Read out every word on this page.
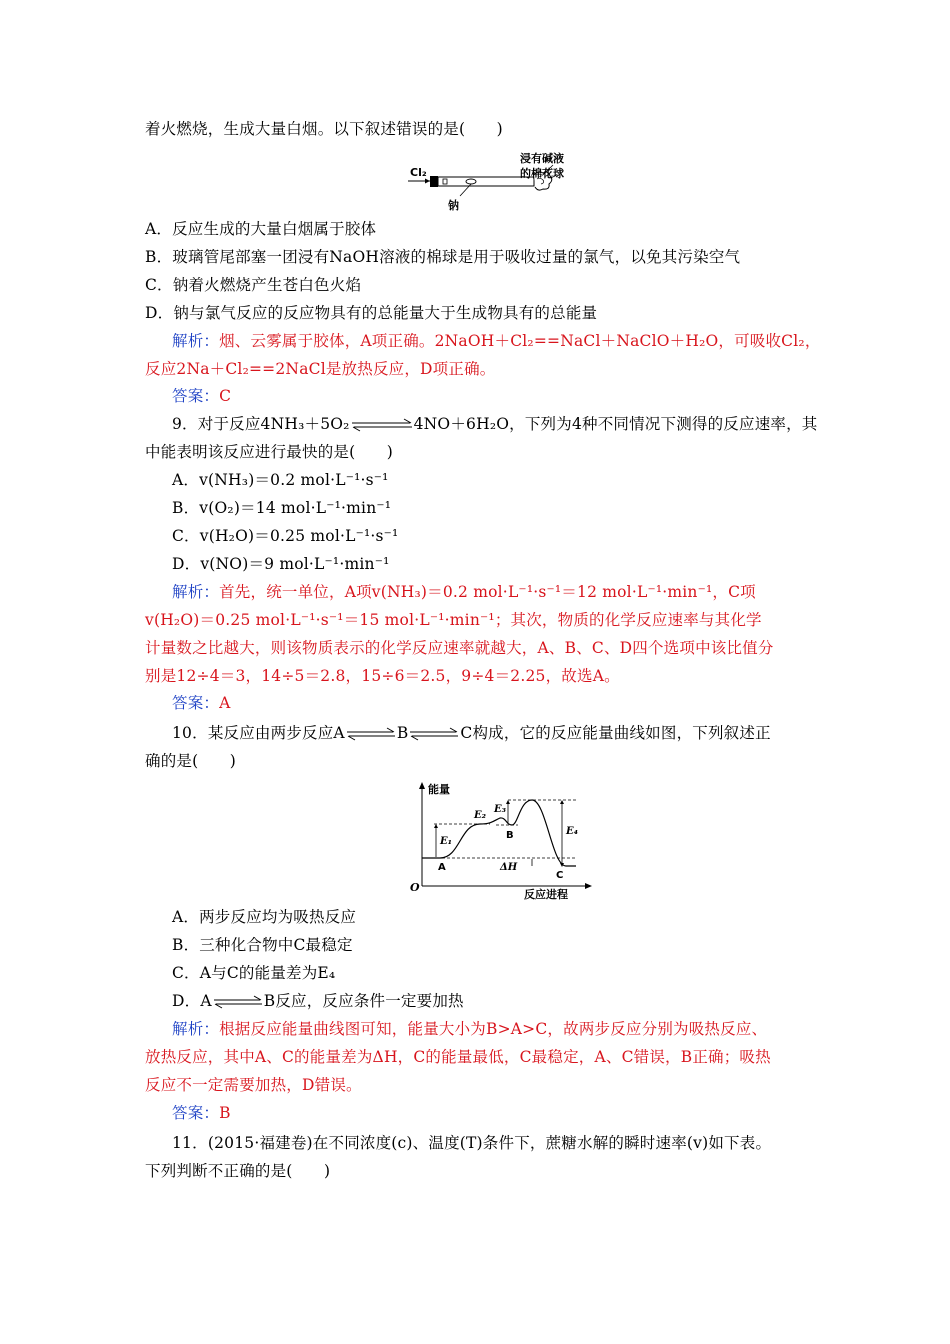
着火燃烧，生成大量白烟。以下叙述错误的是(　　)
Cl₂
浸有碱液
的棉花球
钠
A．反应生成的大量白烟属于胶体
B．玻璃管尾部塞一团浸有NaOH溶液的棉球是用于吸收过量的氯气，以免其污染空气
C．钠着火燃烧产生苍白色火焰
D．钠与氯气反应的反应物具有的总能量大于生成物具有的总能量
解析：烟、云雾属于胶体，A项正确。2NaOH＋Cl₂==NaCl＋NaClO＋H₂O，可吸收Cl₂，
反应2Na＋Cl₂==2NaCl是放热反应，D项正确。
答案：C
9．对于反应4NH₃＋5O₂	4NO＋6H₂O，下列为4种不同情况下测得的反应速率，其
中能表明该反应进行最快的是(　　)
A．v(NH₃)＝0.2 mol·L⁻¹·s⁻¹
B．v(O₂)＝14 mol·L⁻¹·min⁻¹
C．v(H₂O)＝0.25 mol·L⁻¹·s⁻¹
D．v(NO)＝9 mol·L⁻¹·min⁻¹
解析：首先，统一单位，A项v(NH₃)＝0.2 mol·L⁻¹·s⁻¹＝12 mol·L⁻¹·min⁻¹，C项
v(H₂O)＝0.25 mol·L⁻¹·s⁻¹＝15 mol·L⁻¹·min⁻¹；其次，物质的化学反应速率与其化学
计量数之比越大，则该物质表示的化学反应速率就越大，A、B、C、D四个选项中该比值分
别是12÷4＝3，14÷5＝2.8，15÷6＝2.5，9÷4＝2.25，故选A。
答案：A
10．某反应由两步反应A⇌B⇌C构成，它的反应能量曲线如图，下列叙述正
确的是(　　)
能量
O
反应进程
E₁
E₂
E₃
E₄
A
B
C
ΔH
A．两步反应均为吸热反应
B．三种化合物中C最稳定
C．A与C的能量差为E₄
D．A⇌B反应，反应条件一定要加热
解析：根据反应能量曲线图可知，能量大小为B>A>C，故两步反应分别为吸热反应、
放热反应，其中A、C的能量差为ΔH，C的能量最低，C最稳定，A、C错误，B正确；吸热
反应不一定需要加热，D错误。
答案：B
11．(2015·福建卷)在不同浓度(c)、温度(T)条件下，蔗糖水解的瞬时速率(v)如下表。
下列判断不正确的是(　　)
